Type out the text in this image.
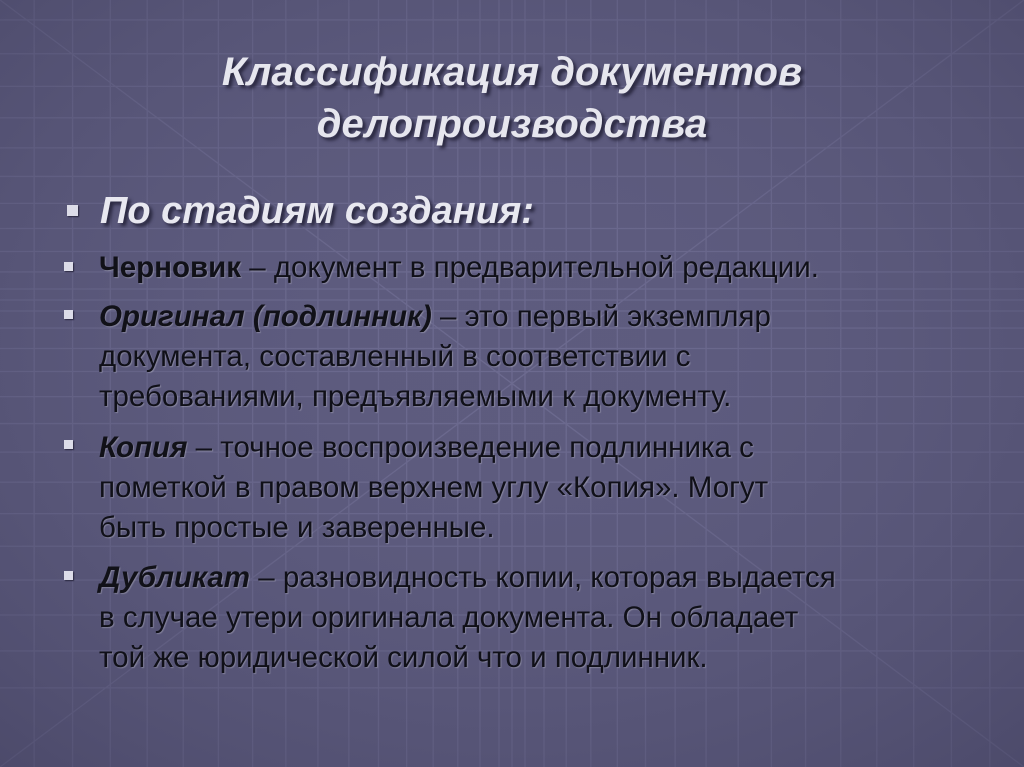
Классификация документов
делопроизводства
По стадиям создания:
Черновик – документ в предварительной редакции.
Оригинал (подлинник) – это первый экземпляр
документа, составленный в соответствии с
требованиями, предъявляемыми к документу.
Копия – точное воспроизведение подлинника с
пометкой в правом верхнем углу «Копия». Могут
быть простые и заверенные.
Дубликат – разновидность копии, которая выдается
в случае утери оригинала документа. Он обладает
той же юридической силой что и подлинник.
